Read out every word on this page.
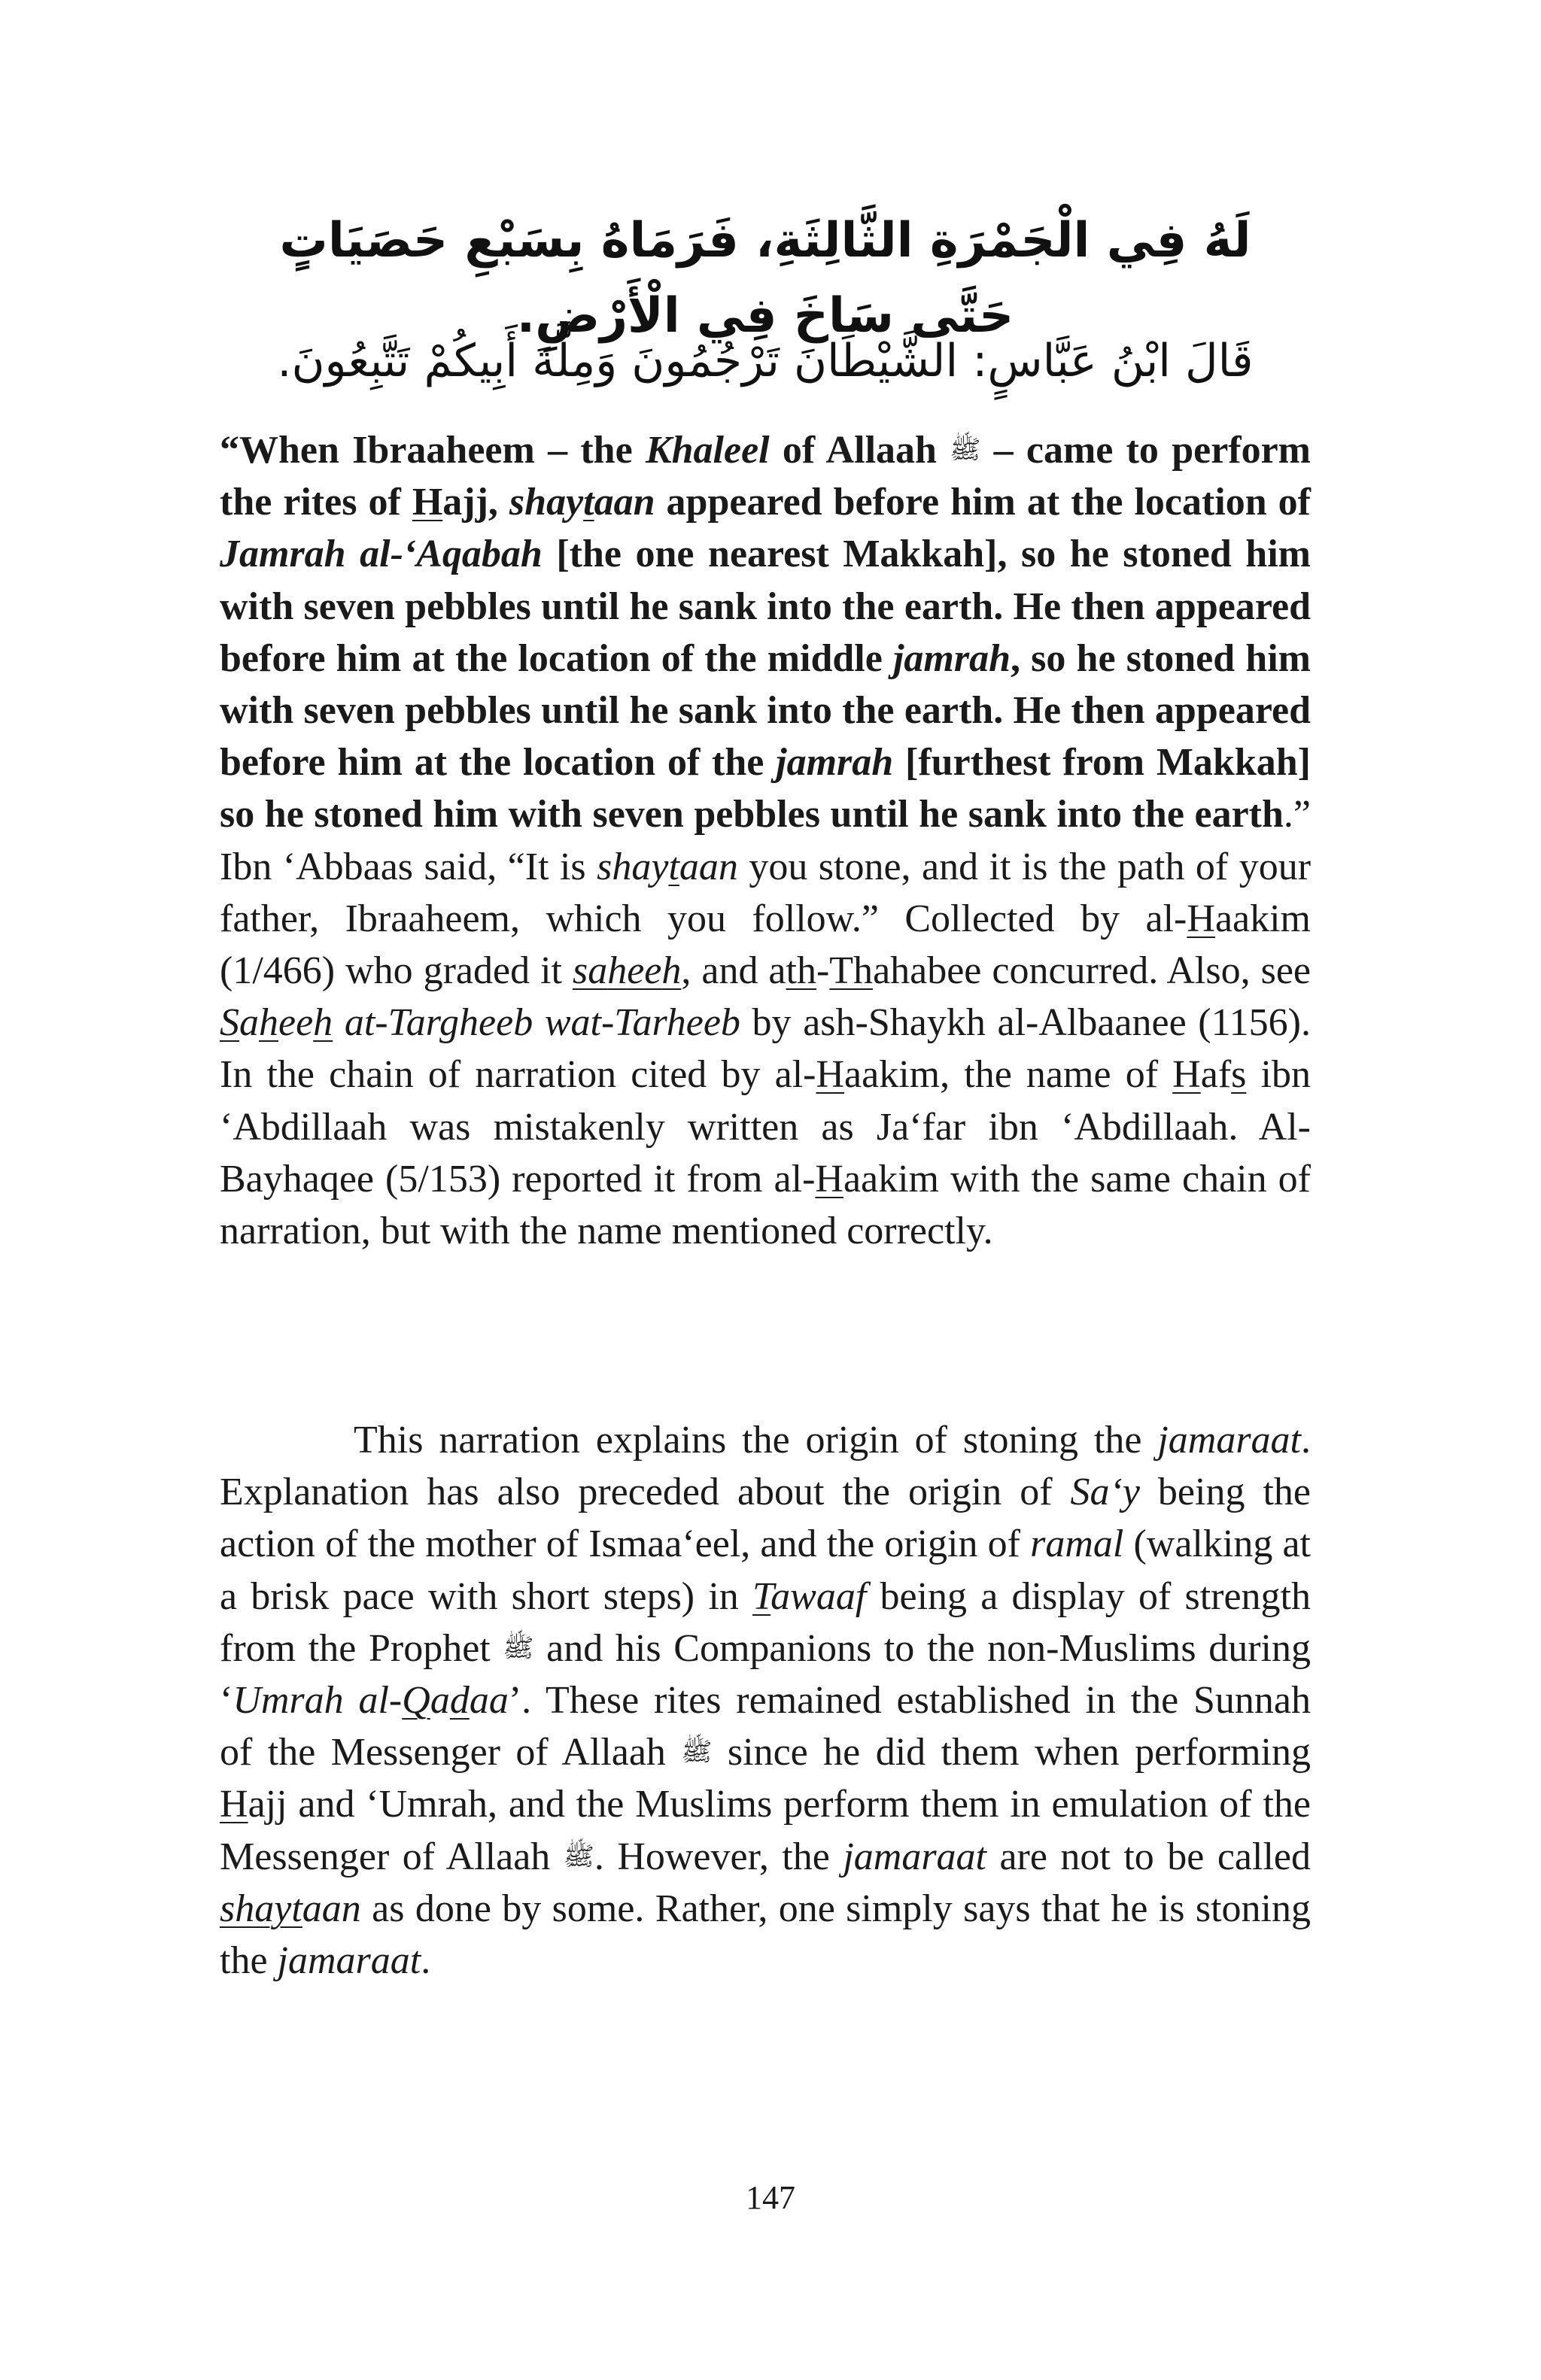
لَهُ فِي الْجَمْرَةِ الثَّالِثَةِ، فَرَمَاهُ بِسَبْعِ حَصَيَاتٍ حَتَّى سَاخَ فِي الْأَرْضِ.

قَالَ ابْنُ عَبَّاسٍ: الشَّيْطَانَ تَرْجُمُونَ وَمِلَّةَ أَبِيكُمْ تَتَّبِعُونَ.

“When Ibraaheem – the Khaleel of Allaah ﷺ – came to perform the rites of Hajj, shaytaan appeared before him at the location of Jamrah al-‘Aqabah [the one nearest Makkah], so he stoned him with seven pebbles until he sank into the earth. He then appeared before him at the location of the middle jamrah, so he stoned him with seven pebbles until he sank into the earth. He then appeared before him at the location of the jamrah [furthest from Makkah] so he stoned him with seven pebbles until he sank into the earth.” Ibn ‘Abbaas said, “It is shaytaan you stone, and it is the path of your father, Ibraaheem, which you follow.” Collected by al-Haakim (1/466) who graded it saheeh, and ath-Thahabee concurred. Also, see Saheeh at-Targheeb wat-Tarheeb by ash-Shaykh al-Albaanee (1156). In the chain of narration cited by al-Haakim, the name of Hafs ibn ‘Abdillaah was mistakenly written as Ja‘far ibn ‘Abdillaah. Al-Bayhaqee (5/153) reported it from al-Haakim with the same chain of narration, but with the name mentioned correctly.

This narration explains the origin of stoning the jamaraat. Explanation has also preceded about the origin of Sa‘y being the action of the mother of Ismaa‘eel, and the origin of ramal (walking at a brisk pace with short steps) in Tawaaf being a display of strength from the Prophet ﷺ and his Companions to the non-Muslims during ‘Umrah al-Qadaa’. These rites remained established in the Sunnah of the Messenger of Allaah ﷺ since he did them when performing Hajj and ‘Umrah, and the Muslims perform them in emulation of the Messenger of Allaah ﷺ. However, the jamaraat are not to be called shaytaan as done by some. Rather, one simply says that he is stoning the jamaraat.

147
